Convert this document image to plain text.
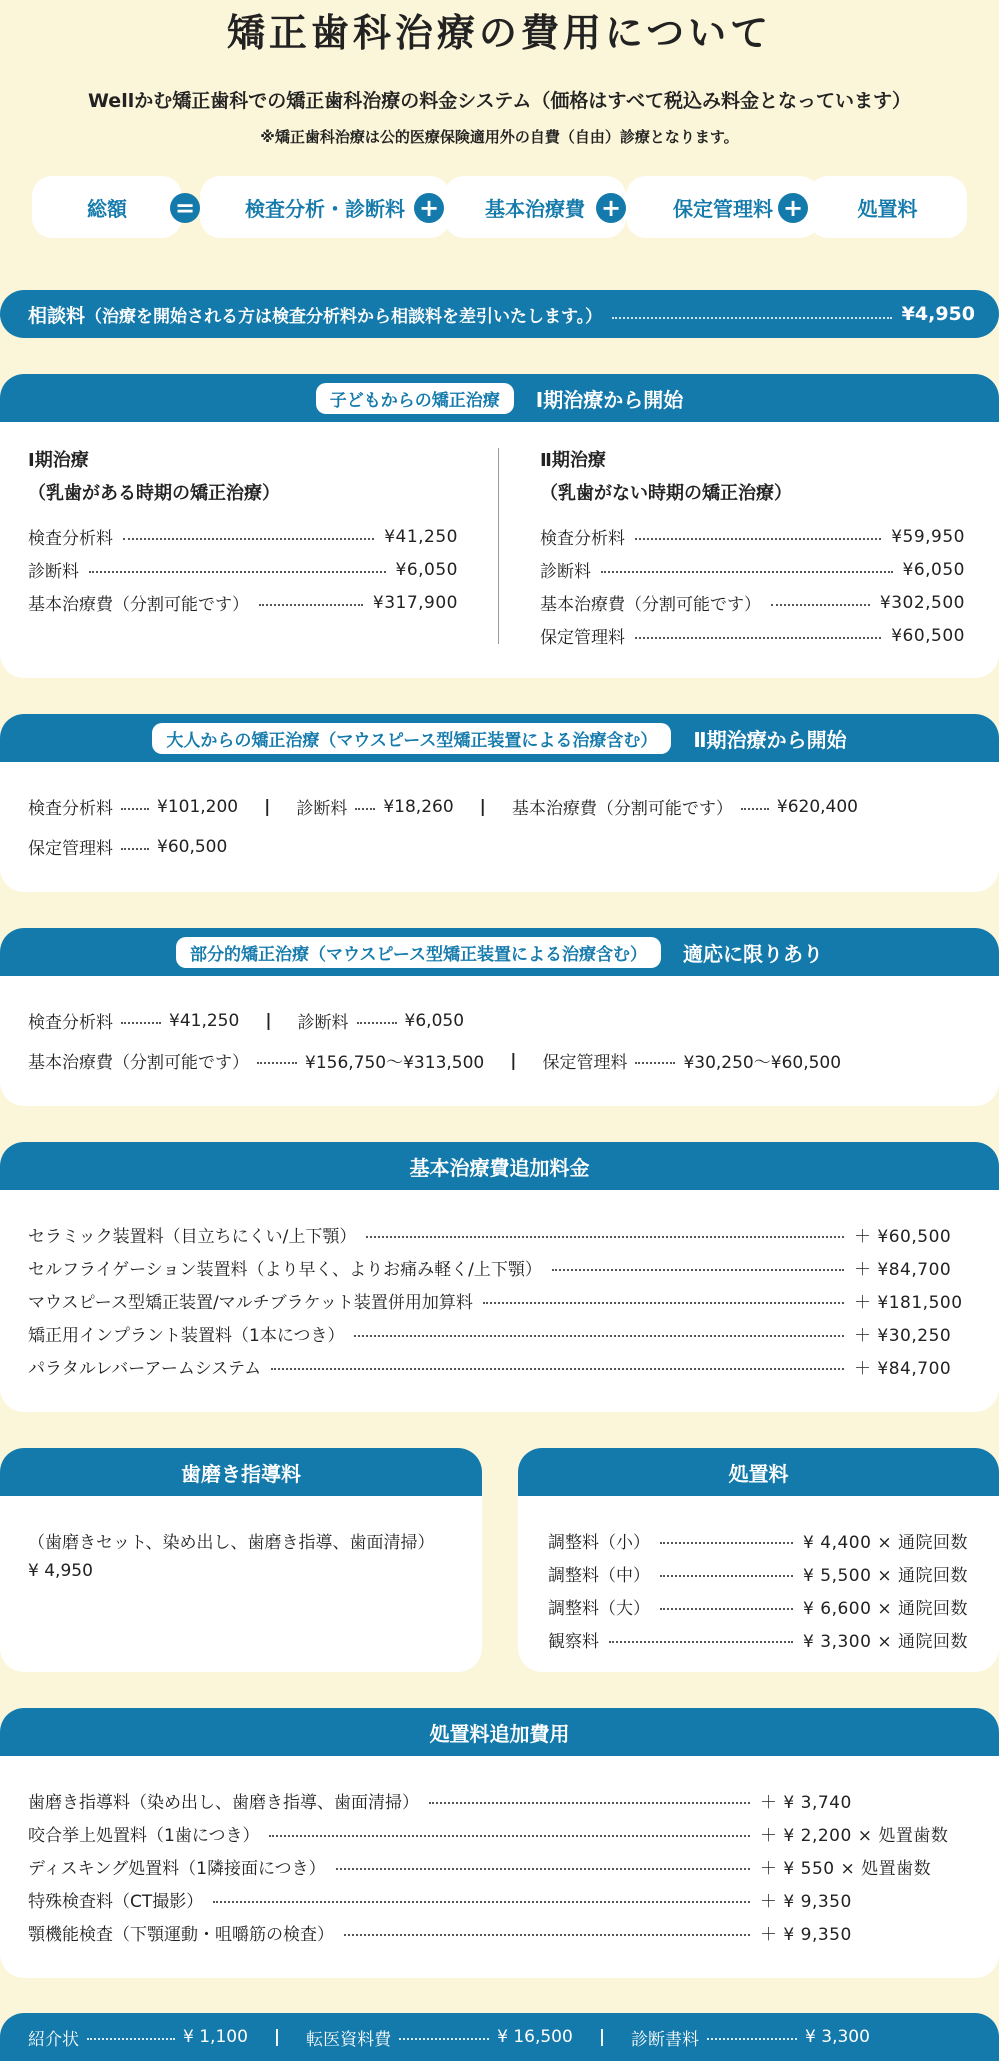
矯正歯科治療の費用について
Wellかむ矯正歯科での矯正歯科治療の料金システム（価格はすべて税込み料金となっています）
※矯正歯科治療は公的医療保険適用外の自費（自由）診療となります。
総額	=	検査分析・診断料 +	基本治療費 +	保定管理料 +	処置料
相談料（治療を開始される方は検査分析料から相談料を差引いたします。）	¥4,950
子どもからの矯正治療	Ⅰ期治療から開始
Ⅰ期治療
（乳歯がある時期の矯正治療）
検査分析料	¥41,250
診断料	¥6,050
基本治療費（分割可能です）	¥317,900
Ⅱ期治療
（乳歯がない時期の矯正治療）
検査分析料	¥59,950
診断料	¥6,050
基本治療費（分割可能です）	¥302,500
保定管理料	¥60,500
大人からの矯正治療（マウスピース型矯正装置による治療含む）	Ⅱ期治療から開始
検査分析料	¥101,200 | 診断料 ¥18,260 | 基本治療費（分割可能です）	¥620,400
保定管理料	¥60,500
部分的矯正治療（マウスピース型矯正装置による治療含む）	適応に限りあり
検査分析料	¥41,250 | 診断料	¥6,050
基本治療費（分割可能です）	¥156,750〜¥313,500 | 保定管理料	¥30,250〜¥60,500
基本治療費追加料金
セラミック装置料（目立ちにくい/上下顎）	＋ ¥60,500
セルフライゲーション装置料（より早く、よりお痛み軽く/上下顎）	＋ ¥84,700
マウスピース型矯正装置/マルチブラケット装置併用加算料	＋ ¥181,500
矯正用インプラント装置料（1本につき）	＋ ¥30,250
パラタルレバーアームシステム	＋ ¥84,700
歯磨き指導料
（歯磨きセット、染め出し、歯磨き指導、歯面清掃）
¥ 4,950
処置料
調整料（小）	¥ 4,400 × 通院回数
調整料（中）	¥ 5,500 × 通院回数
調整料（大）	¥ 6,600 × 通院回数
観察料	¥ 3,300 × 通院回数
処置料追加費用
歯磨き指導料（染め出し、歯磨き指導、歯面清掃）	＋ ¥ 3,740
咬合挙上処置料（1歯につき）	＋ ¥ 2,200 × 処置歯数
ディスキング処置料（1隣接面につき）	＋ ¥ 550 × 処置歯数
特殊検査料（CT撮影）	＋ ¥ 9,350
顎機能検査（下顎運動・咀嚼筋の検査）	＋ ¥ 9,350
紹介状	¥ 1,100 | 転医資料費	¥ 16,500 | 診断書料	¥ 3,300
